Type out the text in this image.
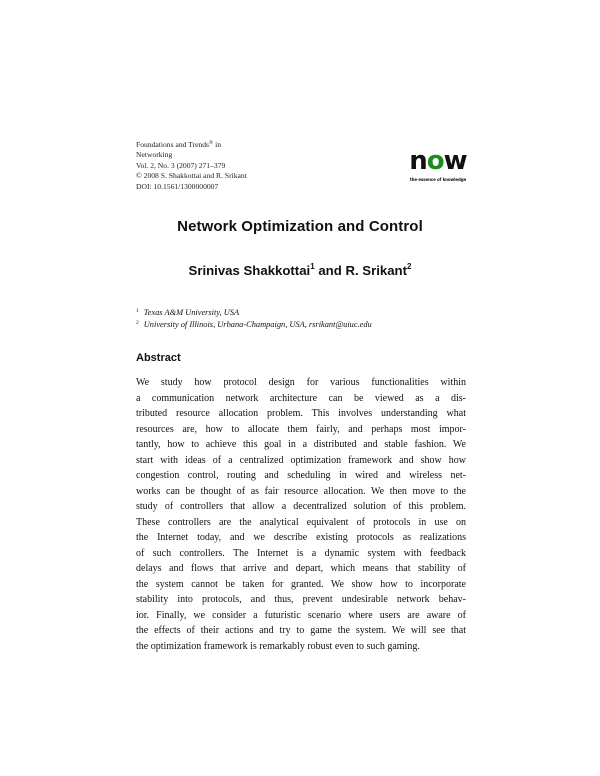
Foundations and Trends® in
Networking
Vol. 2, No. 3 (2007) 271–379
© 2008 S. Shakkottai and R. Srikant
DOI: 10.1561/1300000007
now
the essence of knowledge
Network Optimization and Control
Srinivas Shakkottai$^1$ and R. Srikant$^2$
$^1$ Texas A&M University, USA
$^2$ University of Illinois, Urbana-Champaign, USA, rsrikant@uiuc.edu
Abstract
We study how protocol design for various functionalities within
a communication network architecture can be viewed as a dis-
tributed resource allocation problem. This involves understanding what
resources are, how to allocate them fairly, and perhaps most impor-
tantly, how to achieve this goal in a distributed and stable fashion. We
start with ideas of a centralized optimization framework and show how
congestion control, routing and scheduling in wired and wireless net-
works can be thought of as fair resource allocation. We then move to the
study of controllers that allow a decentralized solution of this problem.
These controllers are the analytical equivalent of protocols in use on
the Internet today, and we describe existing protocols as realizations
of such controllers. The Internet is a dynamic system with feedback
delays and flows that arrive and depart, which means that stability of
the system cannot be taken for granted. We show how to incorporate
stability into protocols, and thus, prevent undesirable network behav-
ior. Finally, we consider a futuristic scenario where users are aware of
the effects of their actions and try to game the system. We will see that
the optimization framework is remarkably robust even to such gaming.
